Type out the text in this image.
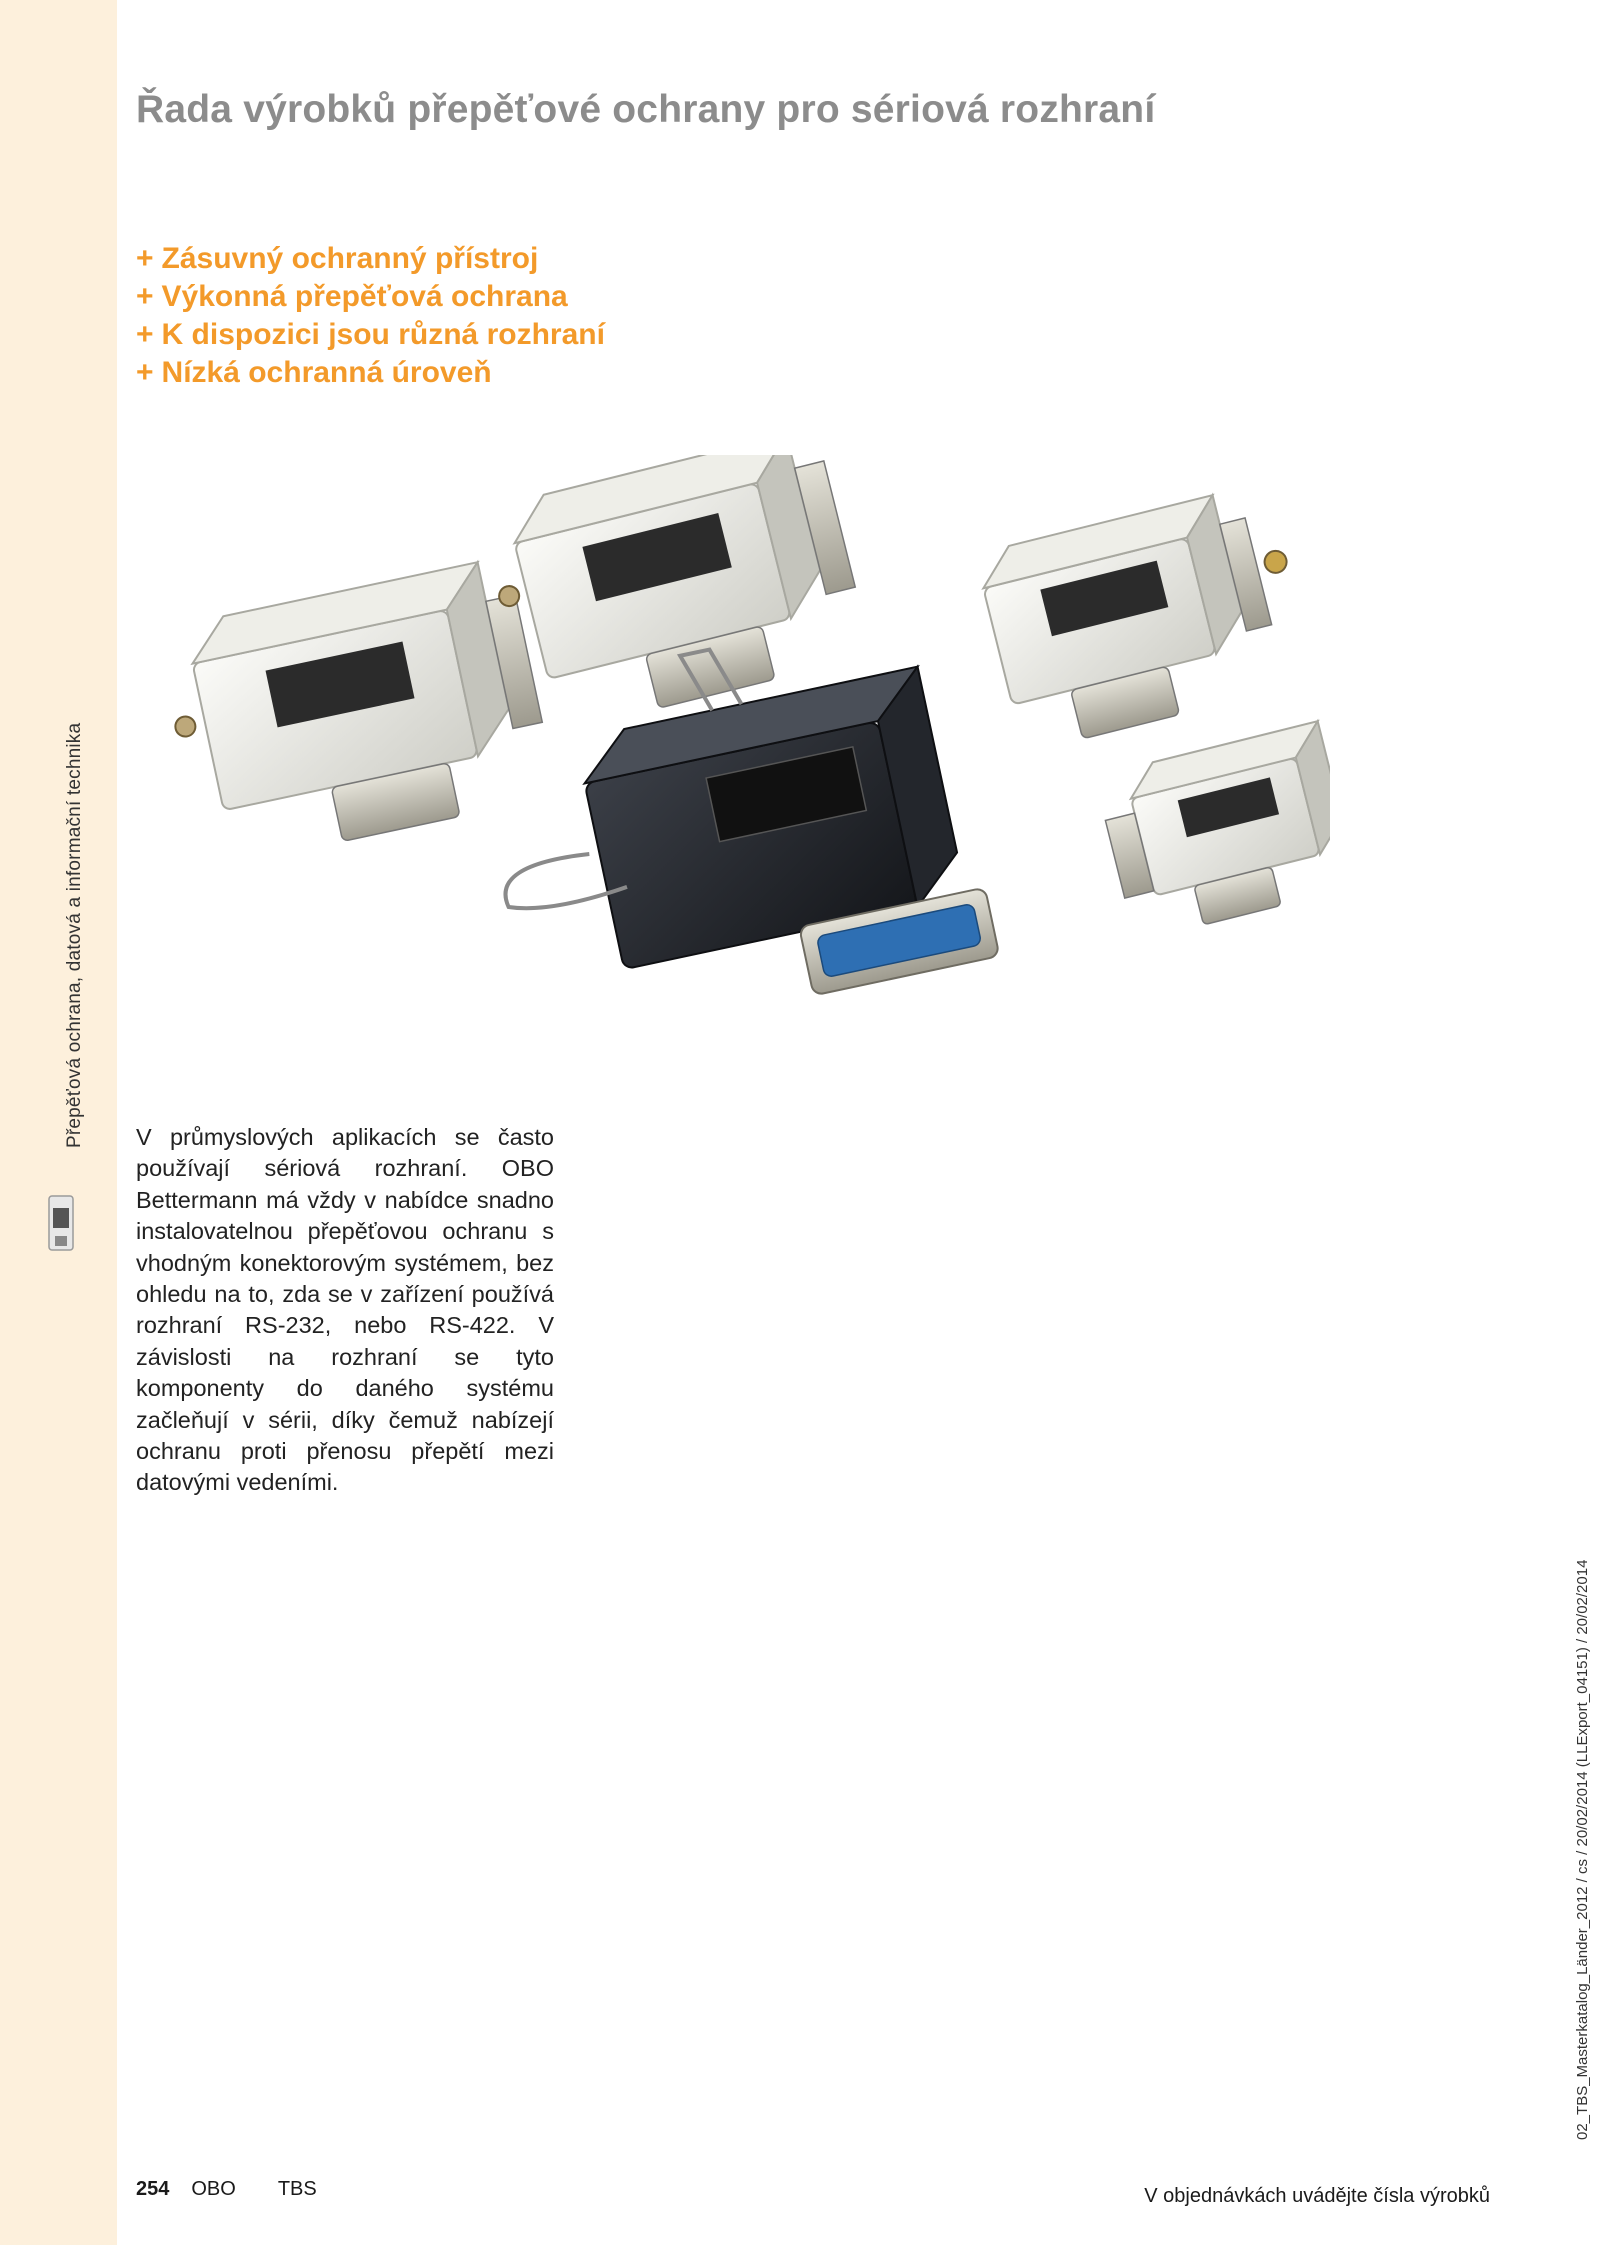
Přepěťová ochrana, datová a informační technika
Řada výrobků přepěťové ochrany pro sériová rozhraní
+ Zásuvný ochranný přístroj
+ Výkonná přepěťová ochrana
+ K dispozici jsou různá rozhraní
+ Nízká ochranná úroveň

V průmyslových aplikacích se často používají sériová rozhraní. OBO Bettermann má vždy v nabídce snadno instalovatelnou přepěťovou ochranu s vhodným konektorovým systémem, bez ohledu na to, zda se v zařízení používá rozhraní RS-232, nebo RS-422. V závislosti na rozhraní se tyto komponenty do daného systému začleňují v sérii, díky čemuž nabízejí ochranu proti přenosu přepětí mezi datovými vedeními.

254 OBO TBS	V objednávkách uvádějte čísla výrobků
02_TBS_Masterkatalog_Länder_2012 / cs / 20/02/2014 (LLExport_04151) / 20/02/2014
